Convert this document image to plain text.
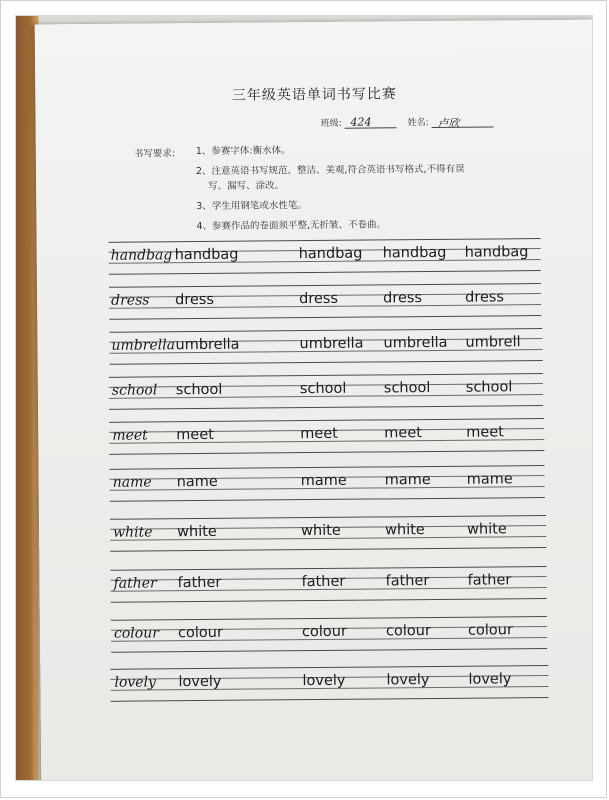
三年级英语单词书写比赛
班级: 424	姓名: 卢欣
书写要求: 1、参赛字体:衡水体。
2、注意英语书写规范、整洁、美观,符合英语书写格式,不得有误
写、漏写、涂改。
3、学生用钢笔或水性笔。
4、参赛作品的卷面须平整,无折皱、不卷曲。
handbag handbag	handbag handbag handbag
dress dress	dress	dress	dress
umbrella umbrella	umbrella umbrella umbrell
school school	school	school school
meet meet	meet	meet	meet
name name	mame	mame mame
white white	white	white	white
father father	father	father	father
colour colour	colour	colour	colour
lovely lovely	lovely	lovely	lovely
